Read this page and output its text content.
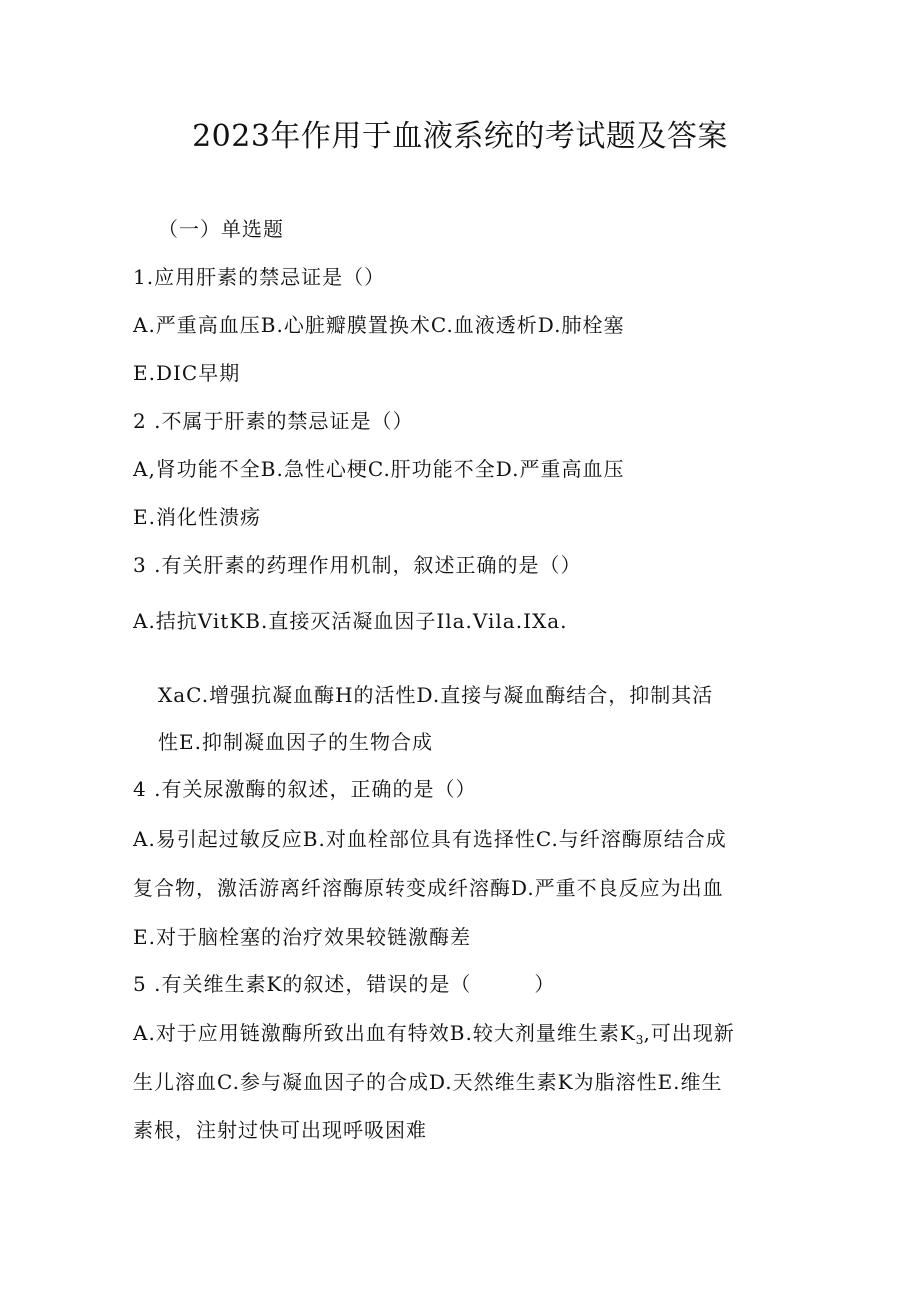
2023年作用于血液系统的考试题及答案
（一）单选题
1.应用肝素的禁忌证是（）
A.严重高血压B.心脏瓣膜置换术C.血液透析D.肺栓塞
E.DIC早期
2 .不属于肝素的禁忌证是（）
A,肾功能不全B.急性心梗C.肝功能不全D.严重高血压
E.消化性溃疡
3 .有关肝素的药理作用机制，叙述正确的是（）
A.拮抗VitKB.直接灭活凝血因子Ila.Vila.IXa.
XaC.增强抗凝血酶H的活性D.直接与凝血酶结合，抑制其活
性E.抑制凝血因子的生物合成
4 .有关尿激酶的叙述，正确的是（）
A.易引起过敏反应B.对血栓部位具有选择性C.与纤溶酶原结合成
复合物，激活游离纤溶酶原转变成纤溶酶D.严重不良反应为出血
E.对于脑栓塞的治疗效果较链激酶差
5 .有关维生素K的叙述，错误的是（　　　）
A.对于应用链激酶所致出血有特效B.较大剂量维生素$K_3$,可出现新
生儿溶血C.参与凝血因子的合成D.天然维生素K为脂溶性E.维生
素根，注射过快可出现呼吸困难
